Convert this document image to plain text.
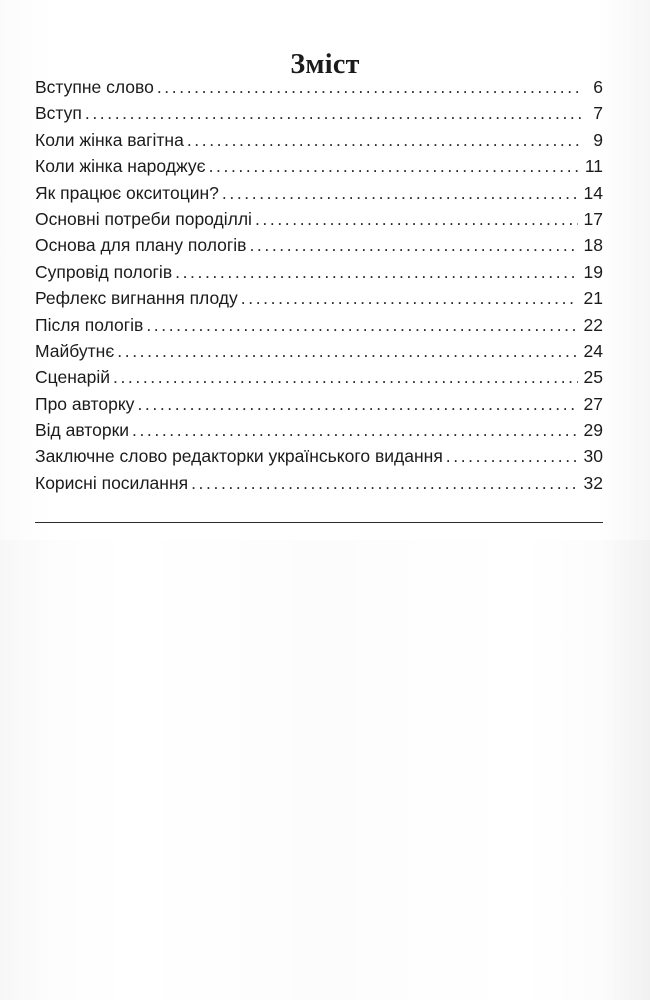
Зміст
Вступне слово .....	6
Вступ .....	7
Коли жінка вагітна .....	9
Коли жінка народжує .....	11
Як працює окситоцин? .....	14
Основні потреби породіллі .....	17
Основа для плану пологів .....	18
Супровід пологів .....	19
Рефлекс вигнання плоду .....	21
Після пологів .....	22
Майбутнє .....	24
Сценарій .....	25
Про авторку .....	27
Від авторки .....	29
Заключне слово редакторки українського видання .....	30
Корисні посилання .....	32
